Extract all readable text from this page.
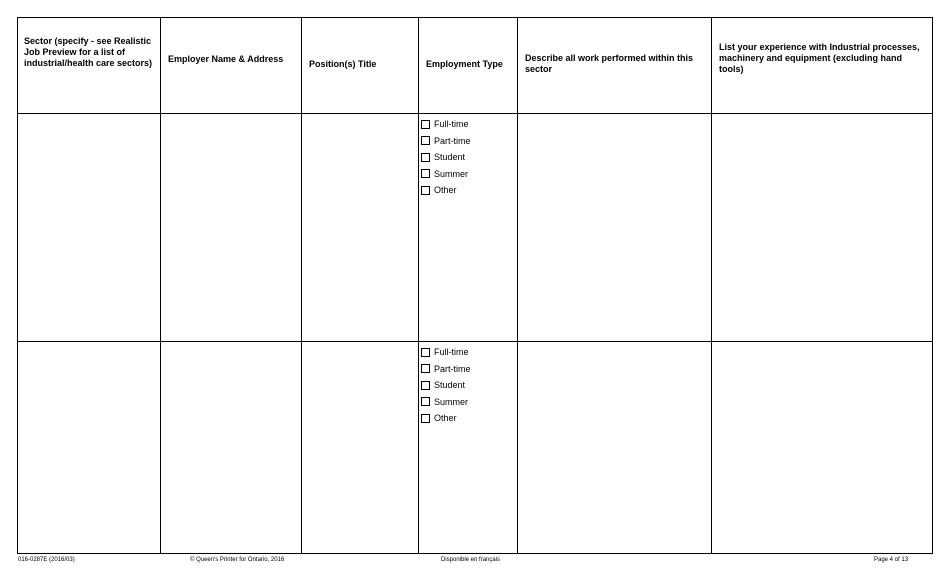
Sector (specify - see Realistic Job Preview for a list of industrial/health care sectors)	Employer Name & Address	Position(s) Title	Employment Type	Describe all work performed within this sector	List your experience with Industrial processes, machinery and equipment (excluding hand tools)

			Full-time
Part-time
Student
Summer
Other		

			Full-time
Part-time
Student
Summer
Other		

016-0287E (2016/03)	© Queen's Printer for Ontario, 2016	Disponible en français	Page 4 of 13
